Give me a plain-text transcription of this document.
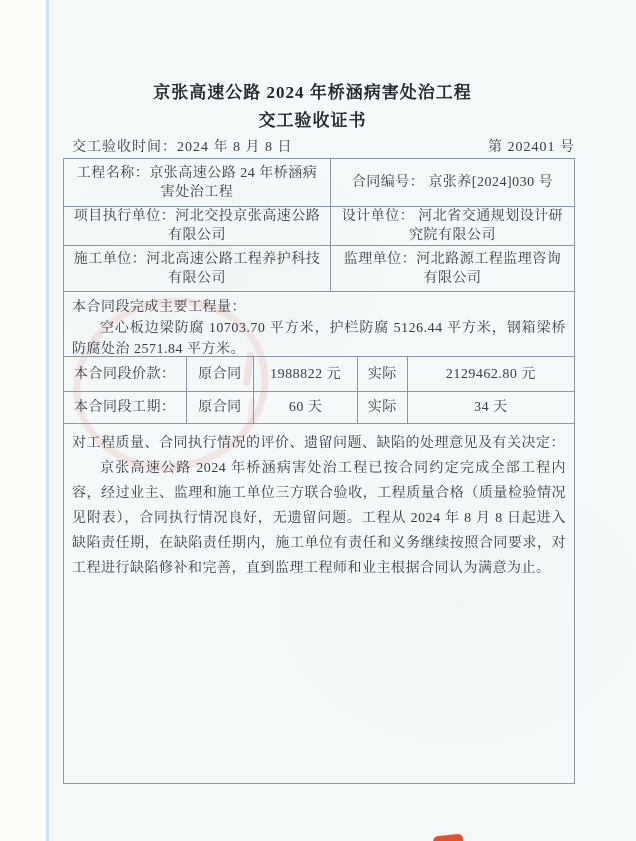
京张高速公路 2024 年桥涵病害处治工程
交工验收证书
交工验收时间：2024 年 8 月 8 日	第 202401 号
工程名称：京张高速公路 24 年桥涵病害处治工程
合同编号： 京张养[2024]030 号
项目执行单位：河北交投京张高速公路有限公司
设计单位： 河北省交通规划设计研究院有限公司
施工单位：河北高速公路工程养护科技有限公司
监理单位：河北路源工程监理咨询有限公司
本合同段完成主要工程量：

空心板边梁防腐 10703.70 平方米，护栏防腐 5126.44 平方米，钢箱梁桥防腐处治 2571.84 平方米。

本合同段价款：	原合同	1988822 元	实际	2129462.80 元
本合同段工期：	原合同	60 天	实际	34 天
对工程质量、合同执行情况的评价、遗留问题、缺陷的处理意见及有关决定：

京张高速公路 2024 年桥涵病害处治工程已按合同约定完成全部工程内容，经过业主、监理和施工单位三方联合验收，工程质量合格（质量检验情况见附表），合同执行情况良好，无遗留问题。工程从 2024 年 8 月 8 日起进入缺陷责任期，在缺陷责任期内，施工单位有责任和义务继续按照合同要求，对工程进行缺陷修补和完善，直到监理工程师和业主根据合同认为满意为止。
